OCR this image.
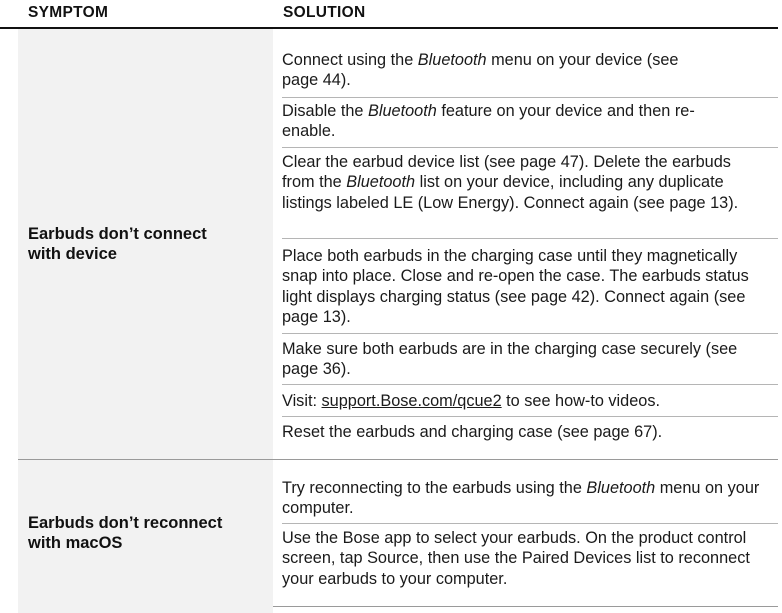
SYMPTOM	SOLUTION
Earbuds don’t connect with device
Connect using the Bluetooth menu on your device (see page 44).
Disable the Bluetooth feature on your device and then re-enable.
Clear the earbud device list (see page 47). Delete the earbuds from the Bluetooth list on your device, including any duplicate listings labeled LE (Low Energy). Connect again (see page 13).
Place both earbuds in the charging case until they magnetically snap into place. Close and re-open the case. The earbuds status light displays charging status (see page 42). Connect again (see page 13).
Make sure both earbuds are in the charging case securely (see page 36).
Visit: support.Bose.com/qcue2 to see how-to videos.
Reset the earbuds and charging case (see page 67).
Earbuds don’t reconnect with macOS
Try reconnecting to the earbuds using the Bluetooth menu on your computer.
Use the Bose app to select your earbuds. On the product control screen, tap Source, then use the Paired Devices list to reconnect your earbuds to your computer.
